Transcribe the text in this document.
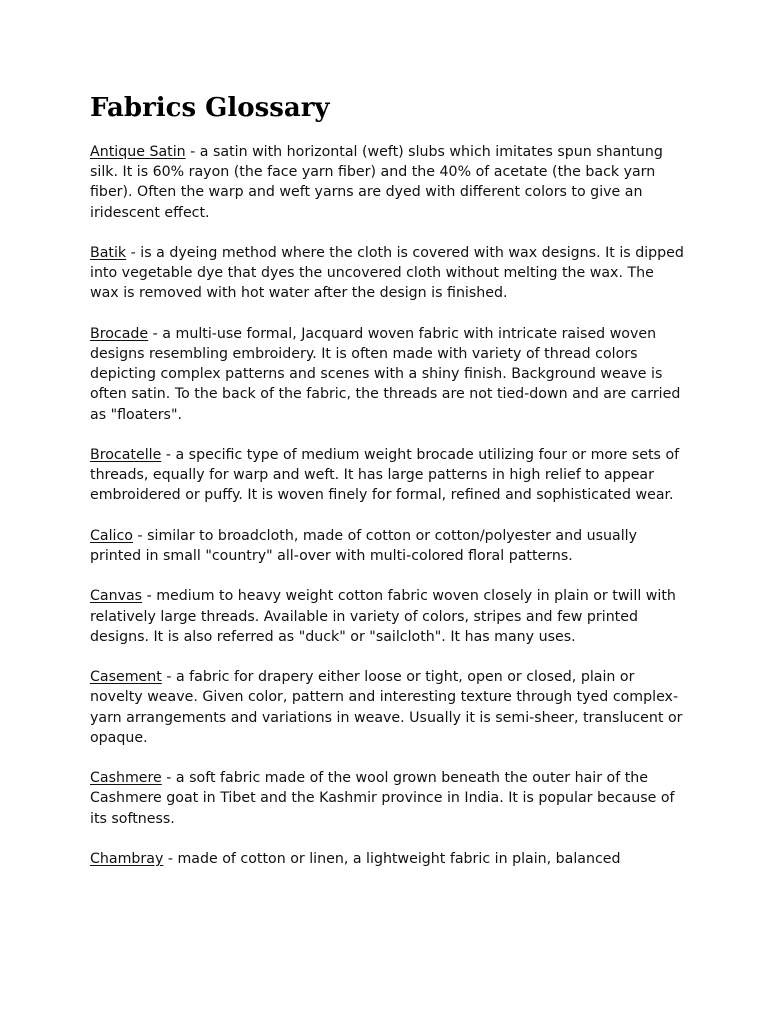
Fabrics Glossary

Antique Satin - a satin with horizontal (weft) slubs which imitates spun shantung silk. It is 60% rayon (the face yarn fiber) and the 40% of acetate (the back yarn fiber). Often the warp and weft yarns are dyed with different colors to give an iridescent effect.

Batik - is a dyeing method where the cloth is covered with wax designs. It is dipped into vegetable dye that dyes the uncovered cloth without melting the wax. The wax is removed with hot water after the design is finished.

Brocade - a multi-use formal, Jacquard woven fabric with intricate raised woven designs resembling embroidery. It is often made with variety of thread colors depicting complex patterns and scenes with a shiny finish. Background weave is often satin. To the back of the fabric, the threads are not tied-down and are carried as "floaters".

Brocatelle - a specific type of medium weight brocade utilizing four or more sets of threads, equally for warp and weft. It has large patterns in high relief to appear embroidered or puffy. It is woven finely for formal, refined and sophisticated wear.

Calico - similar to broadcloth, made of cotton or cotton/polyester and usually printed in small "country" all-over with multi-colored floral patterns.

Canvas - medium to heavy weight cotton fabric woven closely in plain or twill with relatively large threads. Available in variety of colors, stripes and few printed designs. It is also referred as "duck" or "sailcloth". It has many uses.

Casement - a fabric for drapery either loose or tight, open or closed, plain or novelty weave. Given color, pattern and interesting texture through tyed complex-yarn arrangements and variations in weave. Usually it is semi-sheer, translucent or opaque.

Cashmere - a soft fabric made of the wool grown beneath the outer hair of the Cashmere goat in Tibet and the Kashmir province in India. It is popular because of its softness.

Chambray - made of cotton or linen, a lightweight fabric in plain, balanced
